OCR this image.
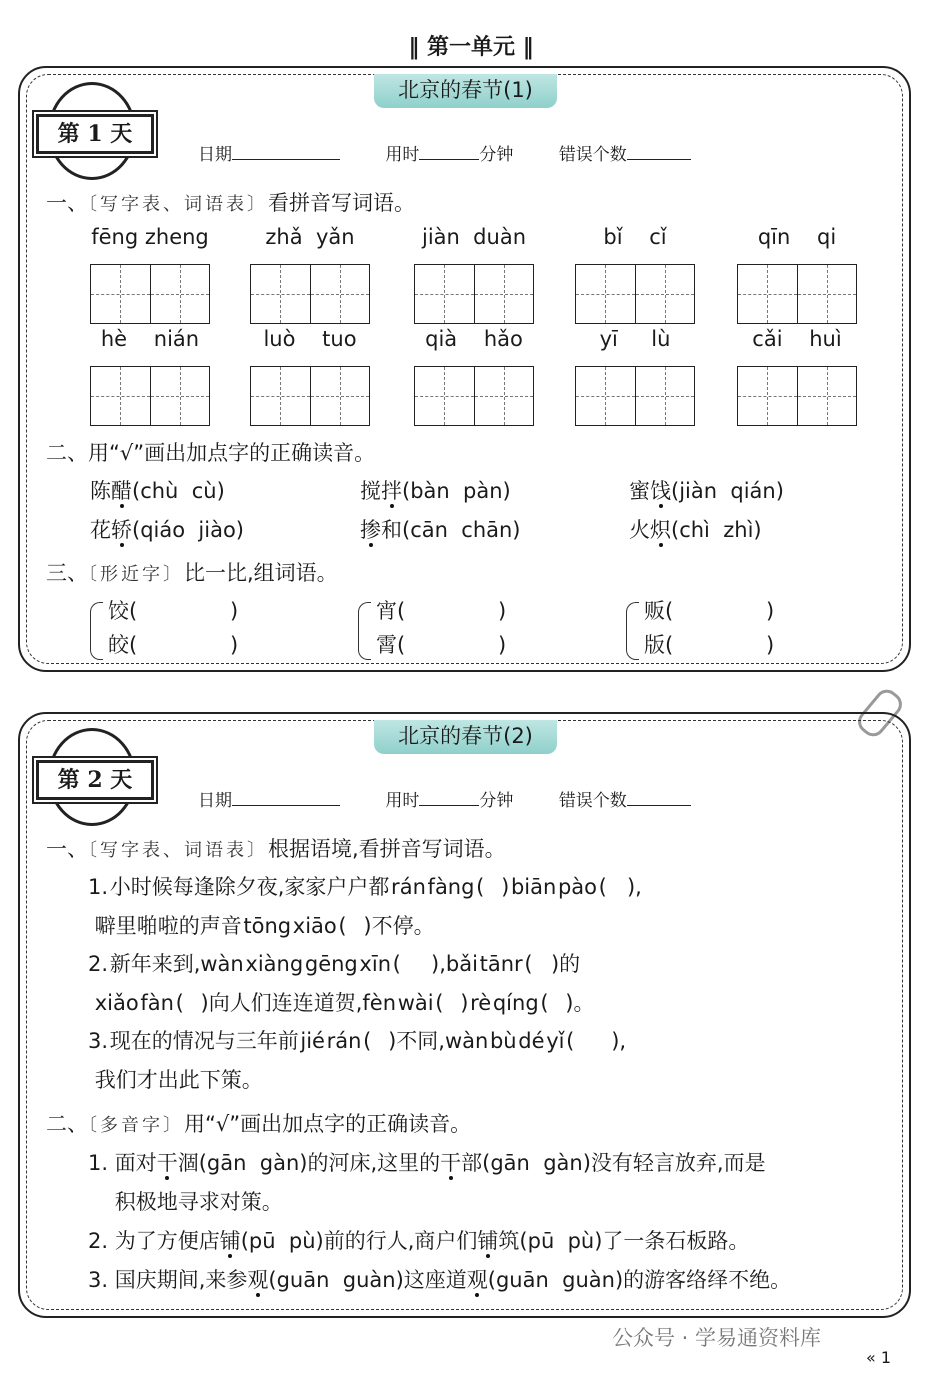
‖ 第一单元 ‖
北京的春节(1)
第 1 天
日期	用时	分钟	错误个数
一、〔写字表、词语表〕看拼音写词语。
fēng zheng	zhǎ  yǎn	jiàn  duàn	bǐ    cǐ	qīn    qi
hè    nián	luò    tuo	qià    hǎo	yī     lù	cǎi    huì
二、用“√”画出加点字的正确读音。
陈醋(chù  cù)	搅拌(bàn  pàn)	蜜饯(jiàn  qián)
花轿(qiáo  jiào)	掺和(cān  chān)	火炽(chì  zhì)
三、〔形近字〕比一比,组词语。
饺(	)
皎(	)
宵(	)
霄(	)
贩(	)
版(	)
北京的春节(2)
第 2 天
日期	用时	分钟	错误个数
一、〔写字表、词语表〕根据语境,看拼音写词语。
1. 小时候每逢除夕夜,家家户户都 rán fàng (          ) biān pào (            ),
噼里啪啦的声音 tōng xiāo (          )不停。
2. 新年来到,wàn xiàng gēng xīn (                  ),bǎi tānr (           )的
xiǎo fàn (          )向人们连连道贺,fèn wài (          ) rè qíng (          )。
3. 现在的情况与三年前 jié rán (          )不同,wàn bù dé yǐ (                      ),
我们才出此下策。
二、〔多音字〕用“√”画出加点字的正确读音。
1. 面对干涸(gān  gàn)的河床,这里的干部(gān  gàn)没有轻言放弃,而是
积极地寻求对策。
2. 为了方便店铺(pū  pù)前的行人,商户们铺筑(pū  pù)了一条石板路。
3. 国庆期间,来参观(guān  guàn)这座道观(guān  guàn)的游客络绎不绝。
公众号 · 学易通资料库
« 1
